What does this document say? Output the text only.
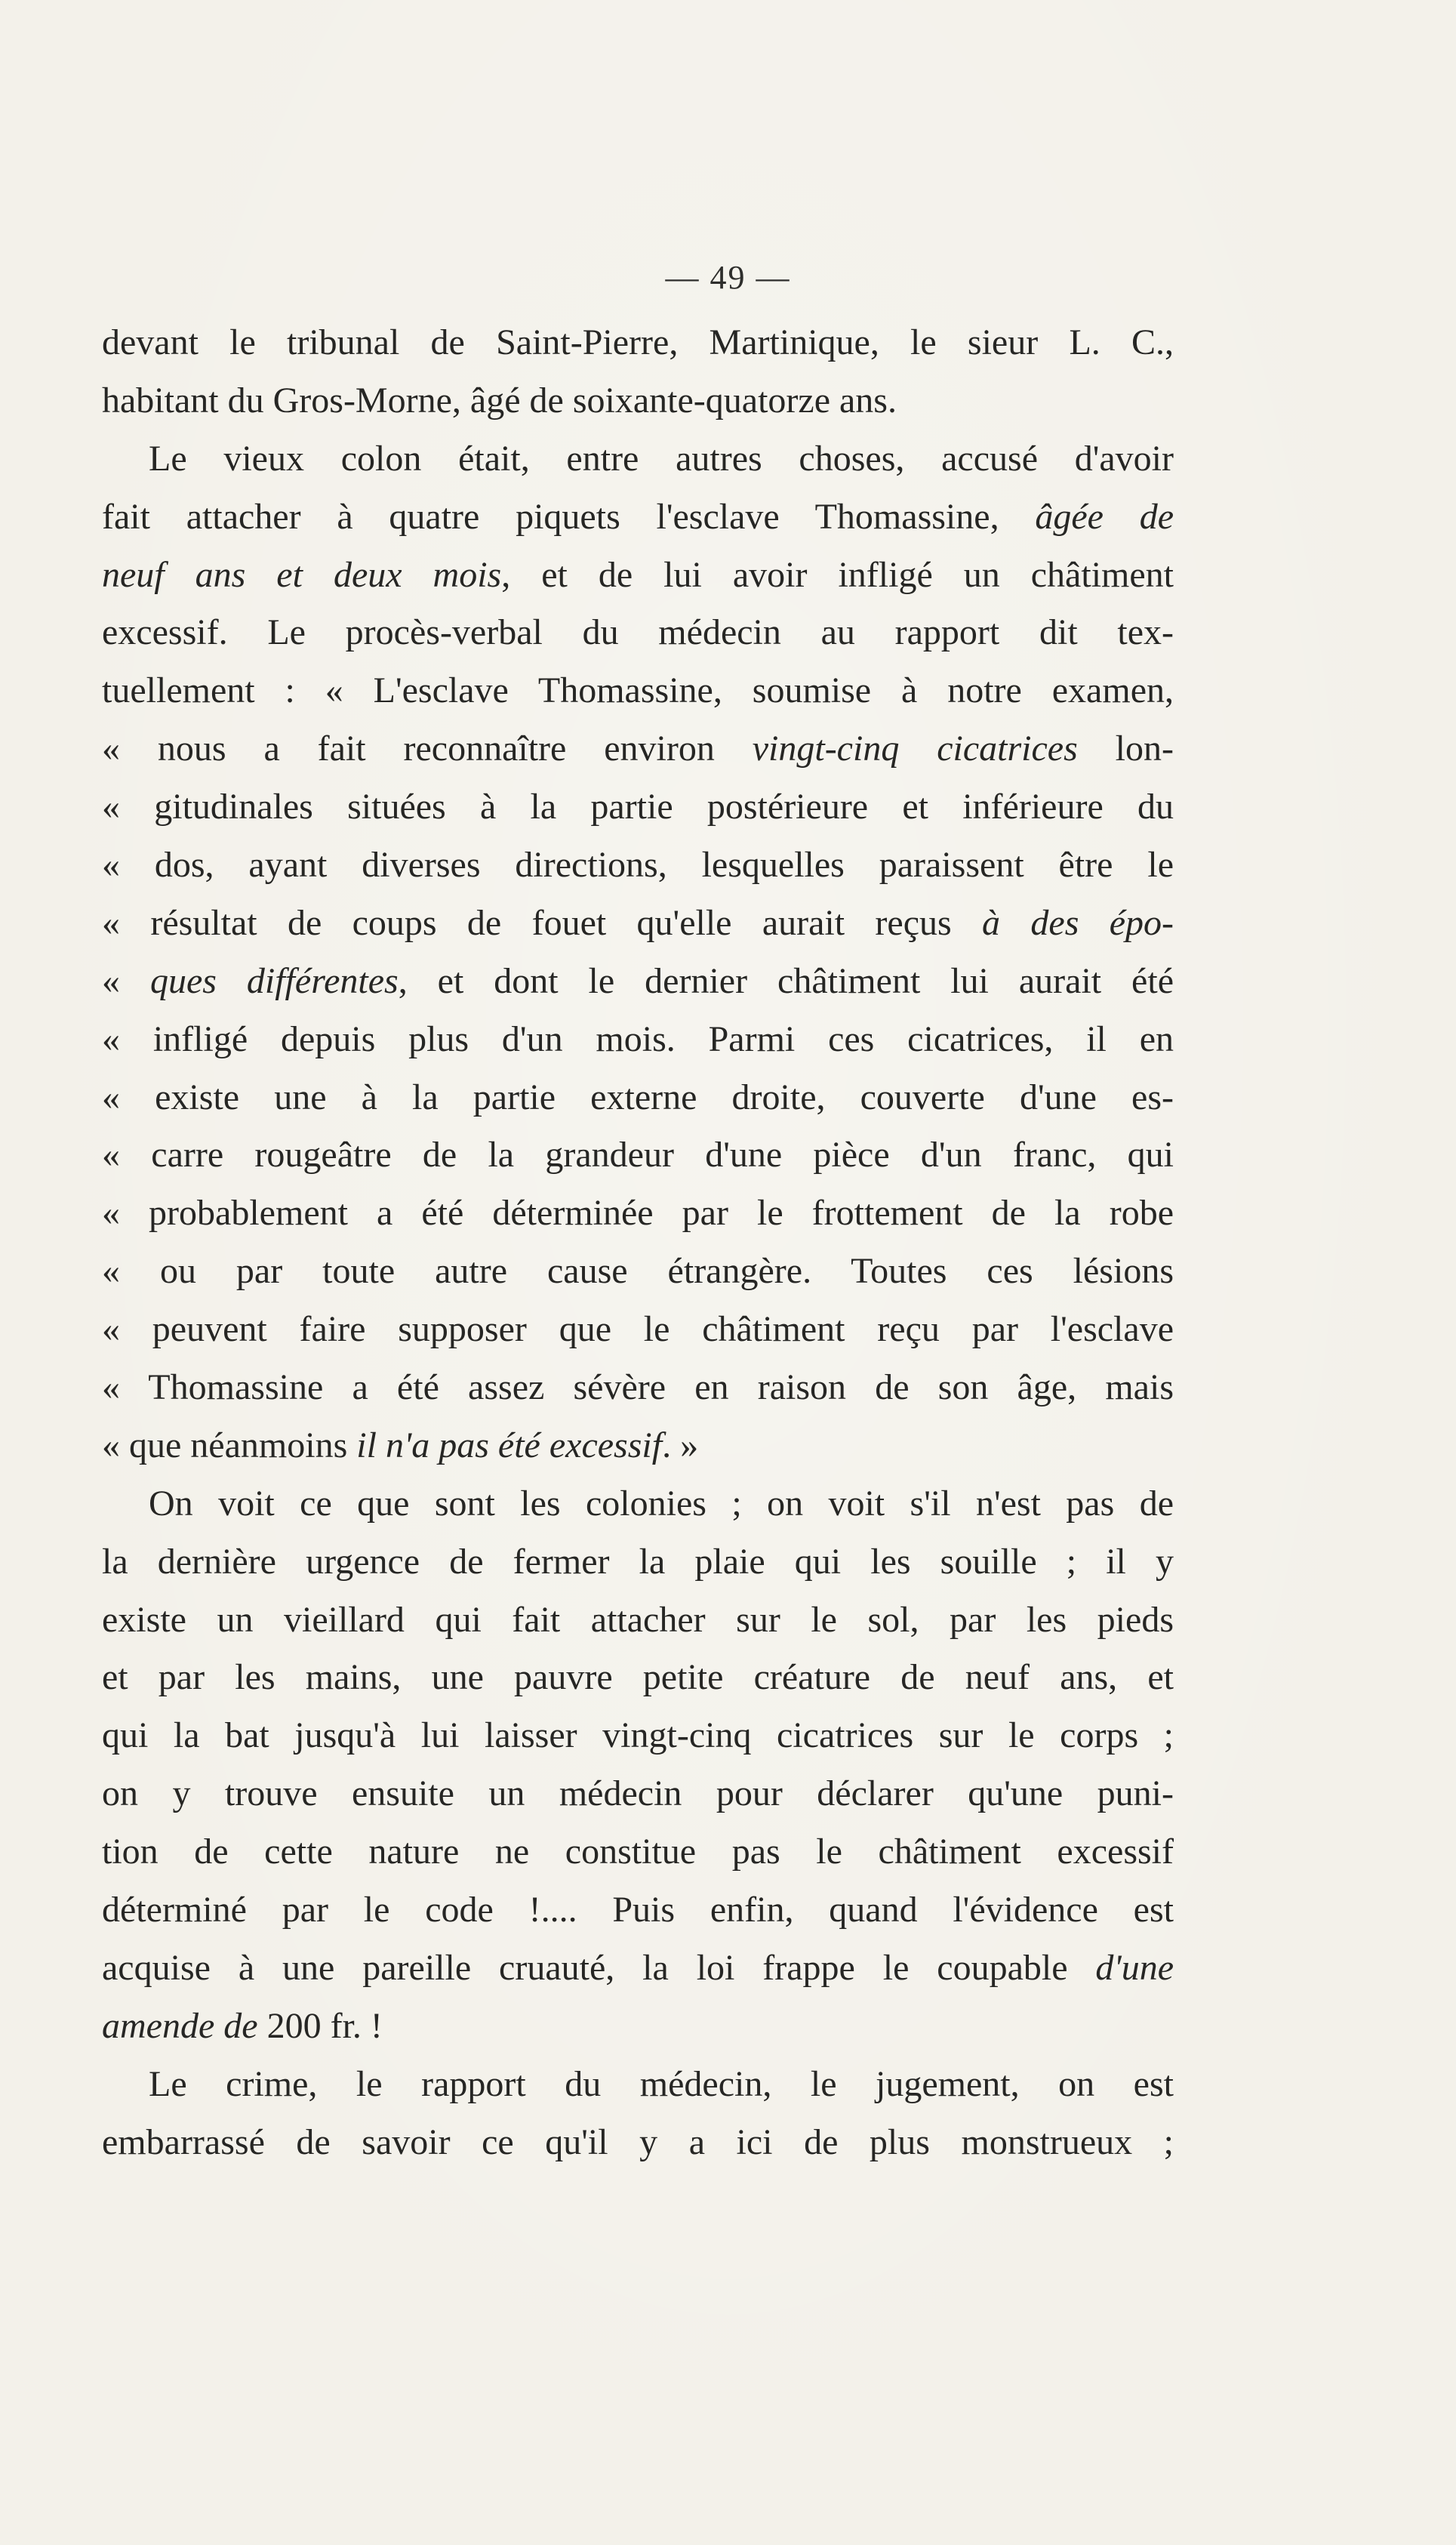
— 49 —
devant le tribunal de Saint-Pierre, Martinique, le sieur L. C.,
habitant du Gros-Morne, âgé de soixante-quatorze ans.
Le vieux colon était, entre autres choses, accusé d'avoir
fait attacher à quatre piquets l'esclave Thomassine, âgée de
neuf ans et deux mois, et de lui avoir infligé un châtiment
excessif. Le procès-verbal du médecin au rapport dit tex-
tuellement : « L'esclave Thomassine, soumise à notre examen,
« nous a fait reconnaître environ vingt-cinq cicatrices lon-
« gitudinales situées à la partie postérieure et inférieure du
« dos, ayant diverses directions, lesquelles paraissent être le
« résultat de coups de fouet qu'elle aurait reçus à des épo-
« ques différentes, et dont le dernier châtiment lui aurait été
« infligé depuis plus d'un mois. Parmi ces cicatrices, il en
« existe une à la partie externe droite, couverte d'une es-
« carre rougeâtre de la grandeur d'une pièce d'un franc, qui
« probablement a été déterminée par le frottement de la robe
« ou par toute autre cause étrangère. Toutes ces lésions
« peuvent faire supposer que le châtiment reçu par l'esclave
« Thomassine a été assez sévère en raison de son âge, mais
« que néanmoins il n'a pas été excessif. »
On voit ce que sont les colonies ; on voit s'il n'est pas de
la dernière urgence de fermer la plaie qui les souille ; il y
existe un vieillard qui fait attacher sur le sol, par les pieds
et par les mains, une pauvre petite créature de neuf ans, et
qui la bat jusqu'à lui laisser vingt-cinq cicatrices sur le corps ;
on y trouve ensuite un médecin pour déclarer qu'une puni-
tion de cette nature ne constitue pas le châtiment excessif
déterminé par le code !.... Puis enfin, quand l'évidence est
acquise à une pareille cruauté, la loi frappe le coupable d'une
amende de 200 fr. !
Le crime, le rapport du médecin, le jugement, on est
embarrassé de savoir ce qu'il y a ici de plus monstrueux ;
